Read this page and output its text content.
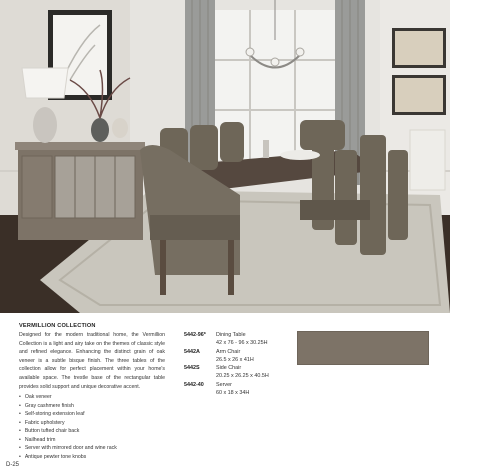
VERMILLION COLLECTION
Designed for the modern traditional home, the Vermillion Collection is a light and airy take on the themes of classic style and refined elegance. Enhancing the distinct grain of oak veneer is a subtle bisque finish. The three tables of the collection allow for perfect placement within your home's available space. The trestle base of the rectangular table provides solid support and unique decorative accent.
• Oak veneer
• Gray cashmere finish
• Self-storing extension leaf
• Fabric upholstery
• Button tufted chair back
• Nailhead trim
• Server with mirrored door and wine rack
• Antique pewter tone knobs
5442-96*	Dining Table
42 x 76 - 96 x 30.25H
5442A	Arm Chair
26.5 x 26 x 41H
5442S	Side Chair
20.25 x 26.25 x 40.5H
5442-40	Server
60 x 18 x 34H
D-25
